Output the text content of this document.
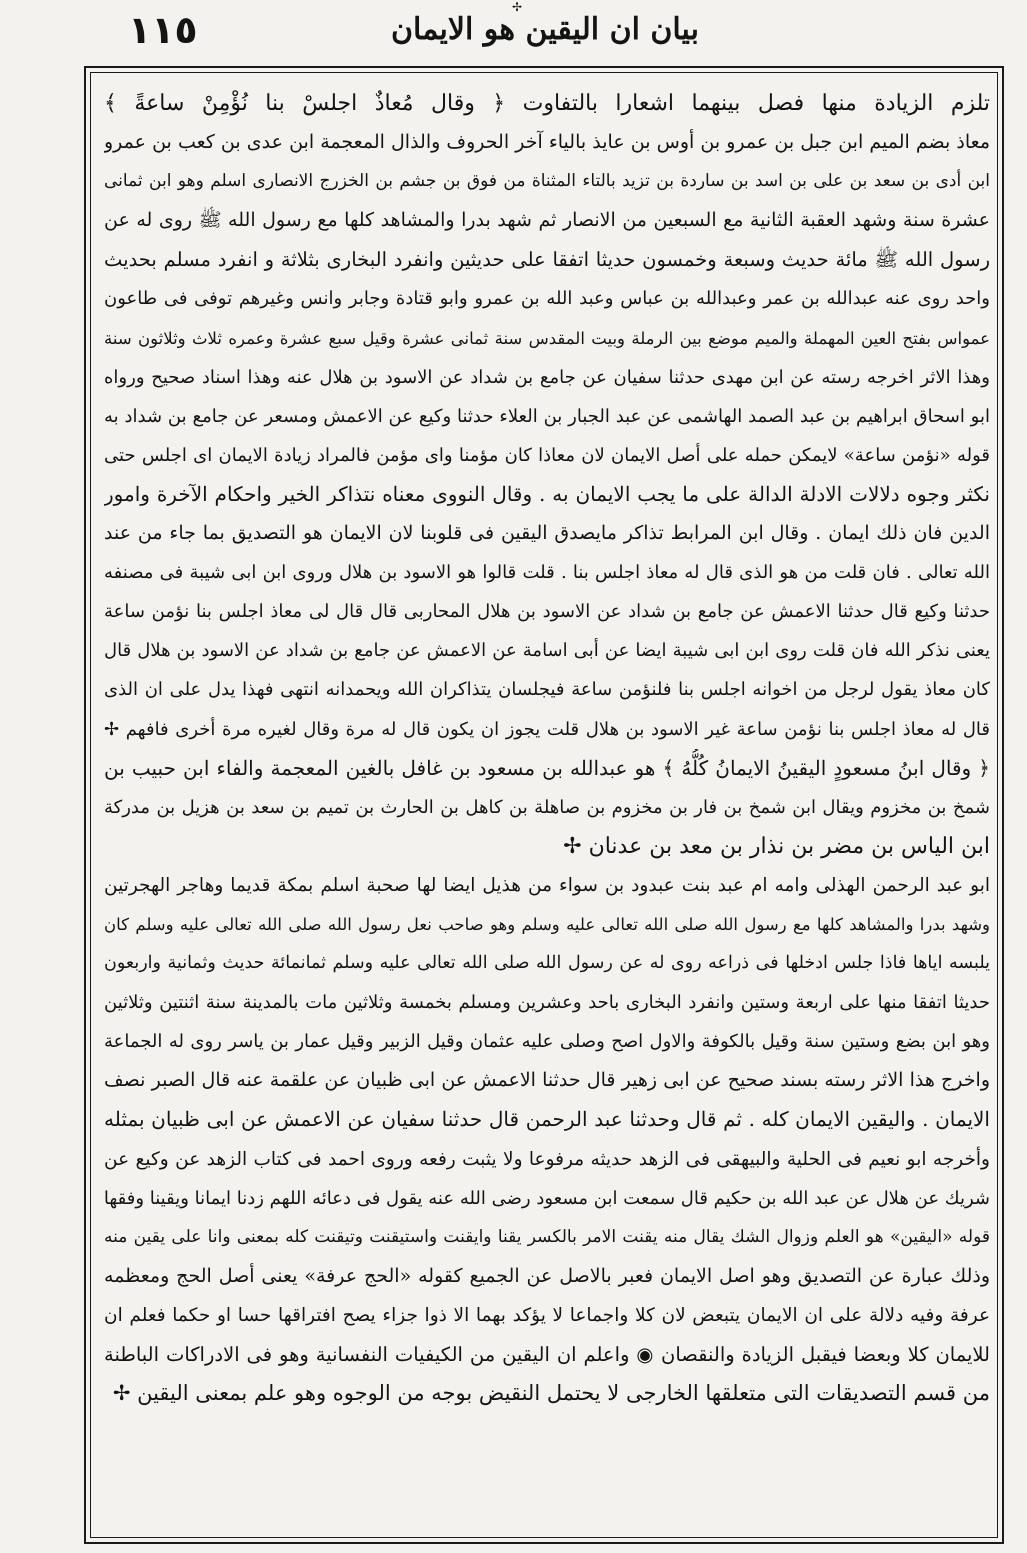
✢
١١٥	بيان ان اليقين هو الايمان
تلزم الزيادة منها فصل بينهما اشعارا بالتفاوت ﴿ وقال مُعاذٌ اجلسْ بنا نُؤْمِنْ ساعةً ﴾
معاذ بضم الميم ابن جبل بن عمرو بن أوس بن عايذ بالياء آخر الحروف والذال المعجمة ابن عدى بن كعب بن عمرو
ابن أدى بن سعد بن على بن اسد بن ساردة بن تزيد بالتاء المثناة من فوق بن جشم بن الخزرج الانصارى اسلم وهو ابن ثمانى
عشرة سنة وشهد العقبة الثانية مع السبعين من الانصار ثم شهد بدرا والمشاهد كلها مع رسول الله ﷺ روى له عن
رسول الله ﷺ مائة حديث وسبعة وخمسون حديثا اتفقا على حديثين وانفرد البخارى بثلاثة و انفرد مسلم بحديث
واحد روى عنه عبدالله بن عمر وعبدالله بن عباس وعبد الله بن عمرو وابو قتادة وجابر وانس وغيرهم توفى فى طاعون
عمواس بفتح العين المهملة والميم موضع بين الرملة وبيت المقدس سنة ثمانى عشرة وقيل سبع عشرة وعمره ثلاث وثلاثون سنة
وهذا الاثر اخرجه رسته عن ابن مهدى حدثنا سفيان عن جامع بن شداد عن الاسود بن هلال عنه وهذا اسناد صحيح ورواه
ابو اسحاق ابراهيم بن عبد الصمد الهاشمى عن عبد الجبار بن العلاء حدثنا وكيع عن الاعمش ومسعر عن جامع بن شداد به
قوله «نؤمن ساعة» لايمكن حمله على أصل الايمان لان معاذا كان مؤمنا واى مؤمن فالمراد زيادة الايمان اى اجلس حتى
نكثر وجوه دلالات الادلة الدالة على ما يجب الايمان به . وقال النووى معناه نتذاكر الخير واحكام الآخرة وامور
الدين فان ذلك ايمان . وقال ابن المرابط تذاكر مايصدق اليقين فى قلوبنا لان الايمان هو التصديق بما جاء من عند
الله تعالى . فان قلت من هو الذى قال له معاذ اجلس بنا . قلت قالوا هو الاسود بن هلال وروى ابن ابى شيبة فى مصنفه
حدثنا وكيع قال حدثنا الاعمش عن جامع بن شداد عن الاسود بن هلال المحاربى قال قال لى معاذ اجلس بنا نؤمن ساعة
يعنى نذكر الله فان قلت روى ابن ابى شيبة ايضا عن أبى اسامة عن الاعمش عن جامع بن شداد عن الاسود بن هلال قال
كان معاذ يقول لرجل من اخوانه اجلس بنا فلنؤمن ساعة فيجلسان يتذاكران الله ويحمدانه انتهى فهذا يدل على ان الذى
قال له معاذ اجلس بنا نؤمن ساعة غير الاسود بن هلال قلت يجوز ان يكون قال له مرة وقال لغيره مرة أخرى فافهم ✢
﴿ وقال ابنُ مسعودٍ اليقينُ الايمانُ كُلُّهُ ﴾ هو عبدالله بن مسعود بن غافل بالغين المعجمة والفاء ابن حبيب بن
شمخ بن مخزوم ويقال ابن شمخ بن فار بن مخزوم بن صاهلة بن كاهل بن الحارث بن تميم بن سعد بن هزيل بن مدركة
ابن الياس بن مضر بن نذار بن معد بن عدنان ✢
ابو عبد الرحمن الهذلى وامه ام عبد بنت عبدود بن سواء من هذيل ايضا لها صحبة اسلم بمكة قديما وهاجر الهجرتين
وشهد بدرا والمشاهد كلها مع رسول الله صلى الله تعالى عليه وسلم وهو صاحب نعل رسول الله صلى الله تعالى عليه وسلم كان
يلبسه اياها فاذا جلس ادخلها فى ذراعه روى له عن رسول الله صلى الله تعالى عليه وسلم ثمانمائة حديث وثمانية واربعون
حديثا اتفقا منها على اربعة وستين وانفرد البخارى باحد وعشرين ومسلم بخمسة وثلاثين مات بالمدينة سنة اثنتين وثلاثين
وهو ابن بضع وستين سنة وقيل بالكوفة والاول اصح وصلى عليه عثمان وقيل الزبير وقيل عمار بن ياسر روى له الجماعة
واخرج هذا الاثر رسته بسند صحيح عن ابى زهير قال حدثنا الاعمش عن ابى ظبيان عن علقمة عنه قال الصبر نصف
الايمان . واليقين الايمان كله . ثم قال وحدثنا عبد الرحمن قال حدثنا سفيان عن الاعمش عن ابى ظبيان بمثله
وأخرجه ابو نعيم فى الحلية والبيهقى فى الزهد حديثه مرفوعا ولا يثبت رفعه وروى احمد فى كتاب الزهد عن وكيع عن
شريك عن هلال عن عبد الله بن حكيم قال سمعت ابن مسعود رضى الله عنه يقول فى دعائه اللهم زدنا ايمانا ويقينا وفقها
قوله «اليقين» هو العلم وزوال الشك يقال منه يقنت الامر بالكسر يقنا وايقنت واستيقنت وتيقنت كله بمعنى وانا على يقين منه
وذلك عبارة عن التصديق وهو اصل الايمان فعبر بالاصل عن الجميع كقوله «الحج عرفة» يعنى أصل الحج ومعظمه
عرفة وفيه دلالة على ان الايمان يتبعض لان كلا واجماعا لا يؤكد بهما الا ذوا جزاء يصح افتراقها حسا او حكما فعلم ان
للايمان كلا وبعضا فيقبل الزيادة والنقصان ◉ واعلم ان اليقين من الكيفيات النفسانية وهو فى الادراكات الباطنة
من قسم التصديقات التى متعلقها الخارجى لا يحتمل النقيض بوجه من الوجوه وهو علم بمعنى اليقين ✢
